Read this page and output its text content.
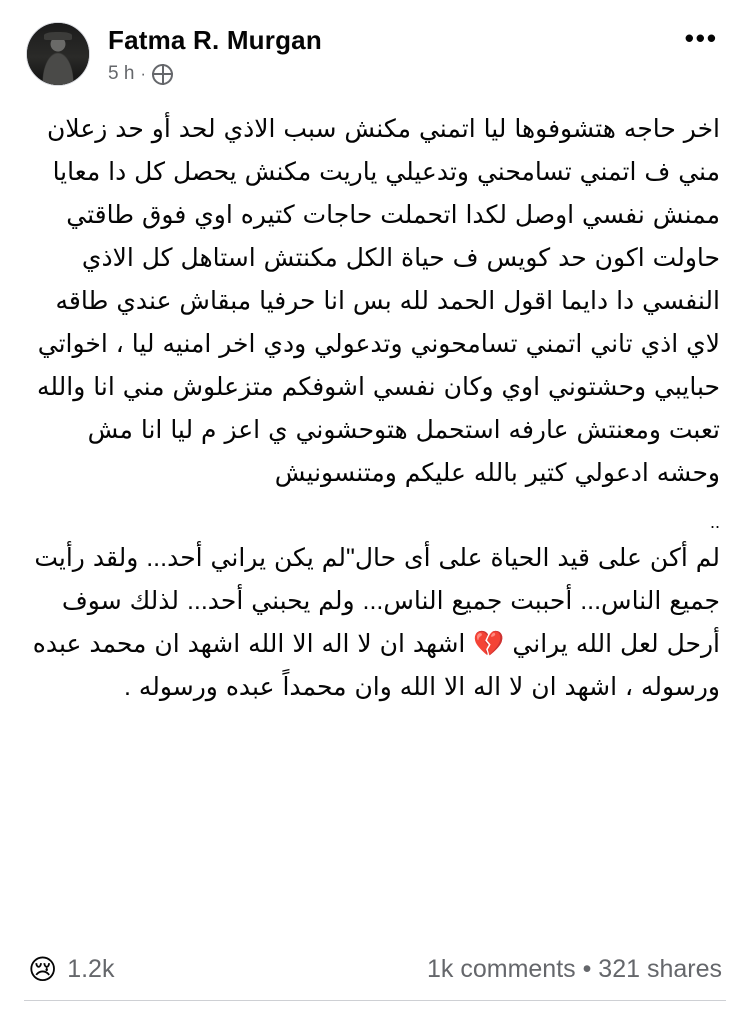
Fatma R. Murgan
5 h ·
•••

اخر حاجه هتشوفوها ليا اتمني مكنش سبب الاذي لحد أو حد زعلان مني ف اتمني تسامحني وتدعيلي ياريت مكنش يحصل كل دا معايا ممنش نفسي اوصل لكدا اتحملت حاجات كتيره اوي فوق طاقتي حاولت اكون حد كويس ف حياة الكل مكنتش استاهل كل الاذي النفسي دا دايما اقول الحمد لله بس انا حرفيا مبقاش عندي طاقه لاي اذي تاني اتمني تسامحوني وتدعولي ودي اخر امنيه ليا ، اخواتي حبايبي وحشتوني اوي وكان نفسي اشوفكم متزعلوش مني انا والله تعبت ومعنتش عارفه استحمل هتوحشوني ي اعز م ليا انا مش وحشه ادعولي كتير بالله عليكم ومتنسونيش

..

لم أكن على قيد الحياة على أى حال"لم يكن يراني أحد... ولقد رأيت جميع الناس... أحببت جميع الناس... ولم يحبني أحد... لذلك سوف أرحل لعل الله يراني 💔 اشهد ان لا اله الا الله اشهد ان محمد عبده ورسوله ، اشهد ان لا اله الا الله وان محمداً عبده ورسوله .

😢 1.2k	1k comments • 321 shares
